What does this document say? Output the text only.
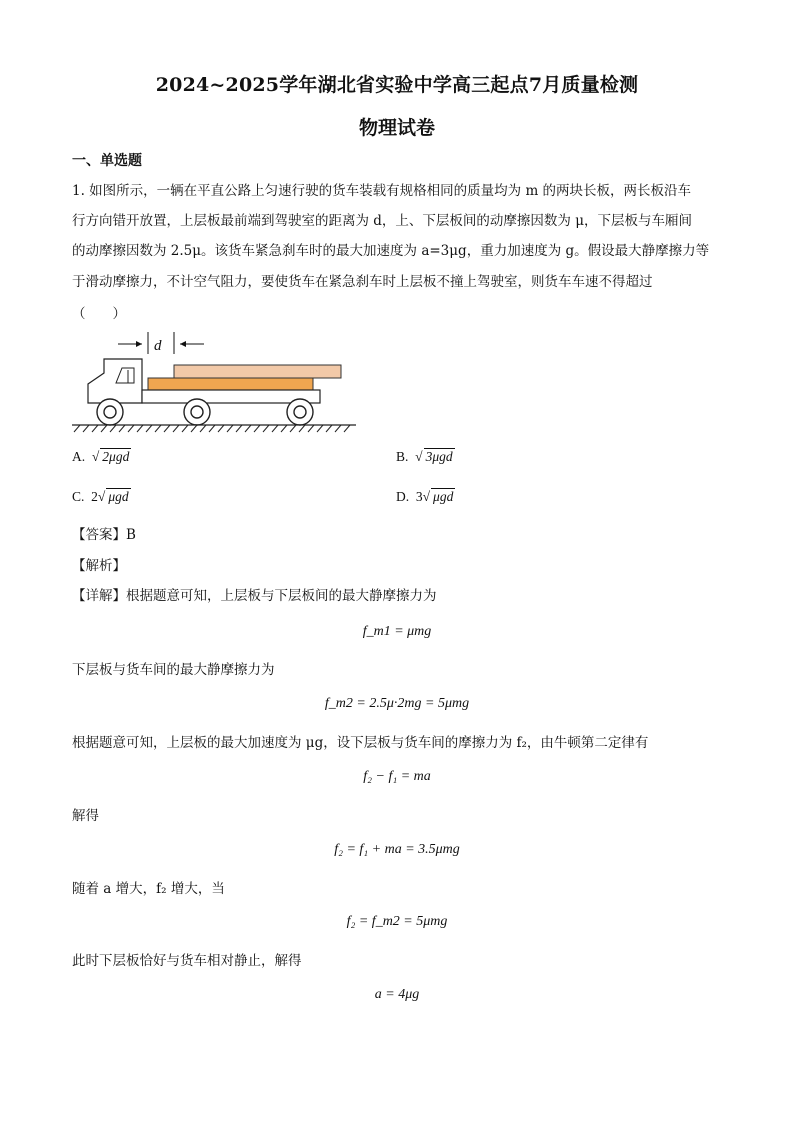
2024~2025学年湖北省实验中学高三起点7月质量检测
物理试卷
一、单选题
1. 如图所示，一辆在平直公路上匀速行驶的货车装载有规格相同的质量均为 m 的两块长板，两长板沿车
行方向错开放置，上层板最前端到驾驶室的距离为 d，上、下层板间的动摩擦因数为 μ，下层板与车厢间
的动摩擦因数为 2.5μ。该货车紧急刹车时的最大加速度为 a=3μg，重力加速度为 g。假设最大静摩擦力等
于滑动摩擦力，不计空气阻力，要使货车在紧急刹车时上层板不撞上驾驶室，则货车车速不得超过
（　　）
d
A. √ 2μgd	B. √ 3μgd
C. 2√ μgd	D. 3√ μgd
【答案】B
【解析】
【详解】根据题意可知，上层板与下层板间的最大静摩擦力为
f_m1 = μmg
下层板与货车间的最大静摩擦力为
f_m2 = 2.5μ·2mg = 5μmg
根据题意可知，上层板的最大加速度为 μg，设下层板与货车间的摩擦力为 f₂，由牛顿第二定律有
f₂ − f₁ = ma
解得
f₂ = f₁ + ma = 3.5μmg
随着 a 增大，f₂ 增大，当
f₂ = f_m2 = 5μmg
此时下层板恰好与货车相对静止，解得
a = 4μg
